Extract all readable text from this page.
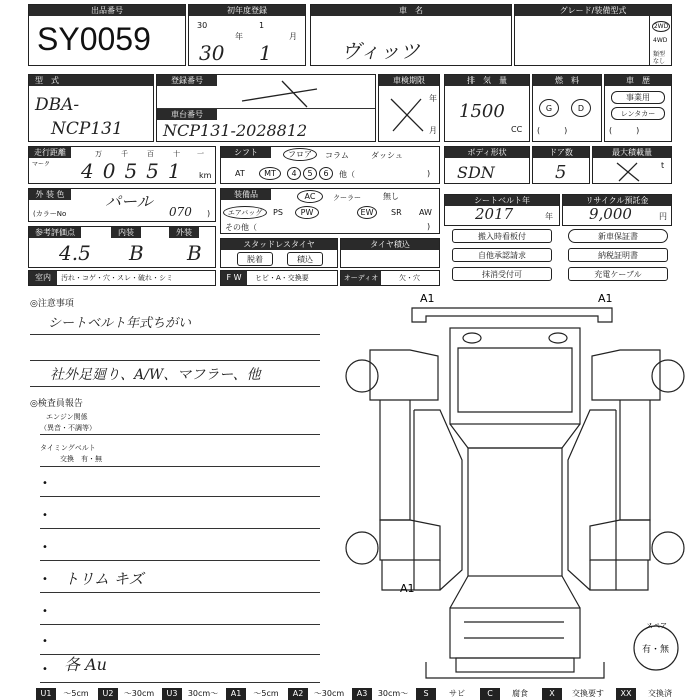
出品番号
SY0059
初年度登録
30
年
1
月
30 1
車　名
ヴィッツ
グレード/装備型式
2WD
4WD
類型
なし
型　式
DBA-
NCP131
登録番号
車台番号
NCP131-2028812
車検期限
年
月
排　気　量
1500
CC
燃　料
G	D
(　　　)
車　歴
事業用
レンタカー
(　　　)
走行距離
マーク
万	千	百	十 一
40551 km
シフト	フロア	コラム	ダッシュ
AT	MT	4	5	6	他（	)
ボディ形状
SDN
ドア数
5
最大積載量
t
外 装 色	パール
(カラーNo	070 )
装備品	AC	クーラー	無し
エアバッグ	PS	PW	EW	SR AW
その他（	)
シートベルト年
2017	年
リサイクル預託金
9,000	円
参考評価点	内装	外装
4.5 B B	スタッドレスタイヤ
脱着	積込
タイヤ積込
搬入時看板付	新車保証書
自他承認請求	納税証明書
抹消受付可	充電ケーブル
室内	汚れ・コゲ・穴・スレ・破れ・シミ	F W	ヒビ・A・交換要	オーディオ	欠・穴
◎注意事項
シートベルト年式ちがい
社外足廻り、A/W、マフラー、他
◎検査員報告
エンジン関係
（異音・不調等）
タイミングベルト
交換　有・無
•
•
•
•
•
•
•
トリム キズ
各 Au
A1	A1
A1
スペア
有・無
U1	～5cm	U2	～30cm	U3	30cm～	A1	～5cm	A2	～30cm	A3	30cm～	S	サビ	C	腐食	X	交換要す	XX	交換済
